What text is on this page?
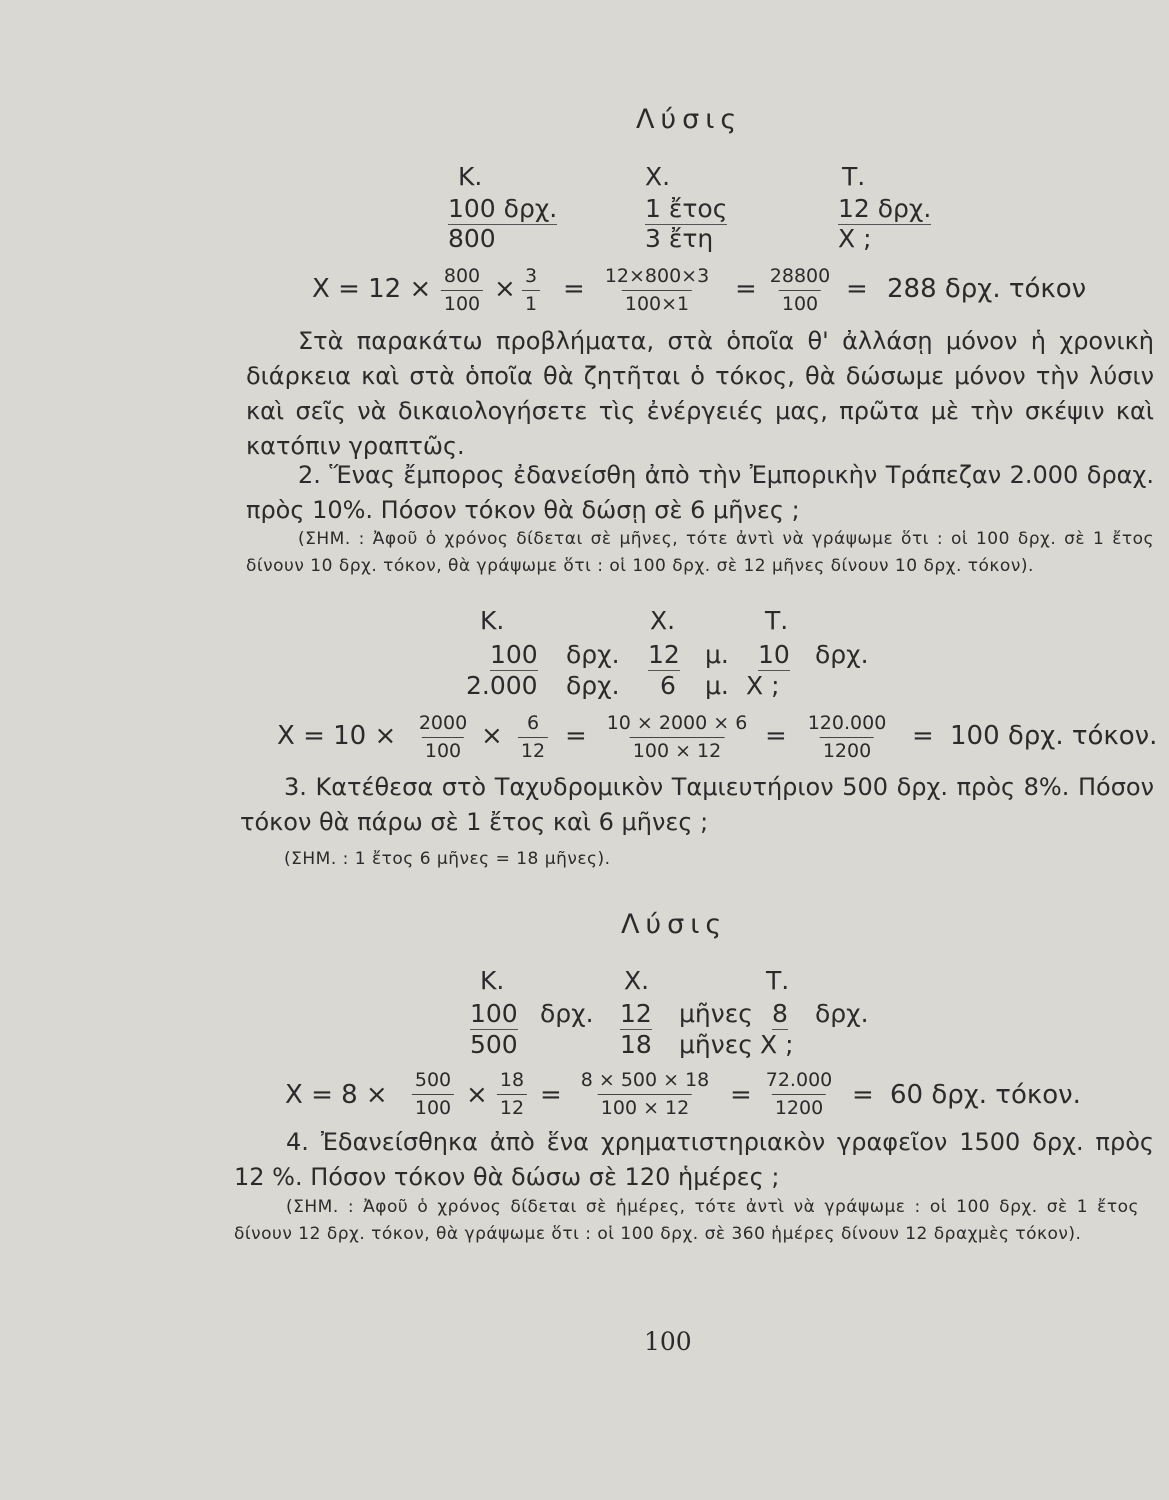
Λύσις
Κ.	Χ.	Τ.
100 δρχ.	1 ἔτος	12 δρχ.
800	3 ἔτη	Χ ;
$X = 12 \times \frac{800}{100} \times \frac{3}{1} = \frac{12\times 800\times 3}{100\times 1} = \frac{28800}{100} = 288$ δρχ. τόκον
Στὰ παρακάτω προβλήματα, στὰ ὁποῖα θ' ἀλλάσῃ μόνον ἡ χρονικὴ διάρκεια καὶ στὰ ὁποῖα θὰ ζητῆται ὁ τόκος, θὰ δώσωμε μόνον τὴν λύσιν καὶ σεῖς νὰ δικαιολογήσετε τὶς ἐνέργειές μας, πρῶτα μὲ τὴν σκέψιν καὶ κατόπιν γραπτῶς.
2. Ἕνας ἔμπορος ἐδανείσθη ἀπὸ τὴν Ἐμπορικὴν Τράπεζαν 2.000 δραχ. πρὸς 10%. Πόσον τόκον θὰ δώσῃ σὲ 6 μῆνες ;
(ΣΗΜ. : Ἀφοῦ ὁ χρόνος δίδεται σὲ μῆνες, τότε ἀντὶ νὰ γράψωμε ὅτι : οἱ 100 δρχ. σὲ 1 ἔτος δίνουν 10 δρχ. τόκον, θὰ γράψωμε ὅτι : οἱ 100 δρχ. σὲ 12 μῆνες δίνουν 10 δρχ. τόκον).
Κ.	Χ.	Τ.
100 δρχ. 12 μ. 10 δρχ.
2.000 δρχ. 6 μ. Χ ;
$X = 10 \times \frac{2000}{100} \times \frac{6}{12} = \frac{10 \times 2000 \times 6}{100 \times 12} = \frac{120.000}{1200} = 100$ δρχ. τόκον.
3. Κατέθεσα στὸ Ταχυδρομικὸν Ταμιευτήριον 500 δρχ. πρὸς 8%. Πόσον τόκον θὰ πάρω σὲ 1 ἔτος καὶ 6 μῆνες ;
(ΣΗΜ. : 1 ἔτος 6 μῆνες = 18 μῆνες).
Λύσις
Κ.	Χ.	Τ.
100 δρχ. 12 μῆνες 8 δρχ.
500	18 μῆνες Χ ;
$X = 8 \times \frac{500}{100} \times \frac{18}{12} = \frac{8 \times 500 \times 18}{100 \times 12} = \frac{72.000}{1200} = 60$ δρχ. τόκον.
4. Ἐδανείσθηκα ἀπὸ ἕνα χρηματιστηριακὸν γραφεῖον 1500 δρχ. πρὸς 12 %. Πόσον τόκον θὰ δώσω σὲ 120 ἡμέρες ;
(ΣΗΜ. : Ἀφοῦ ὁ χρόνος δίδεται σὲ ἡμέρες, τότε ἀντὶ νὰ γράψωμε : οἱ 100 δρχ. σὲ 1 ἔτος δίνουν 12 δρχ. τόκον, θὰ γράψωμε ὅτι : οἱ 100 δρχ. σὲ 360 ἡμέρες δίνουν 12 δραχμὲς τόκον).
100
